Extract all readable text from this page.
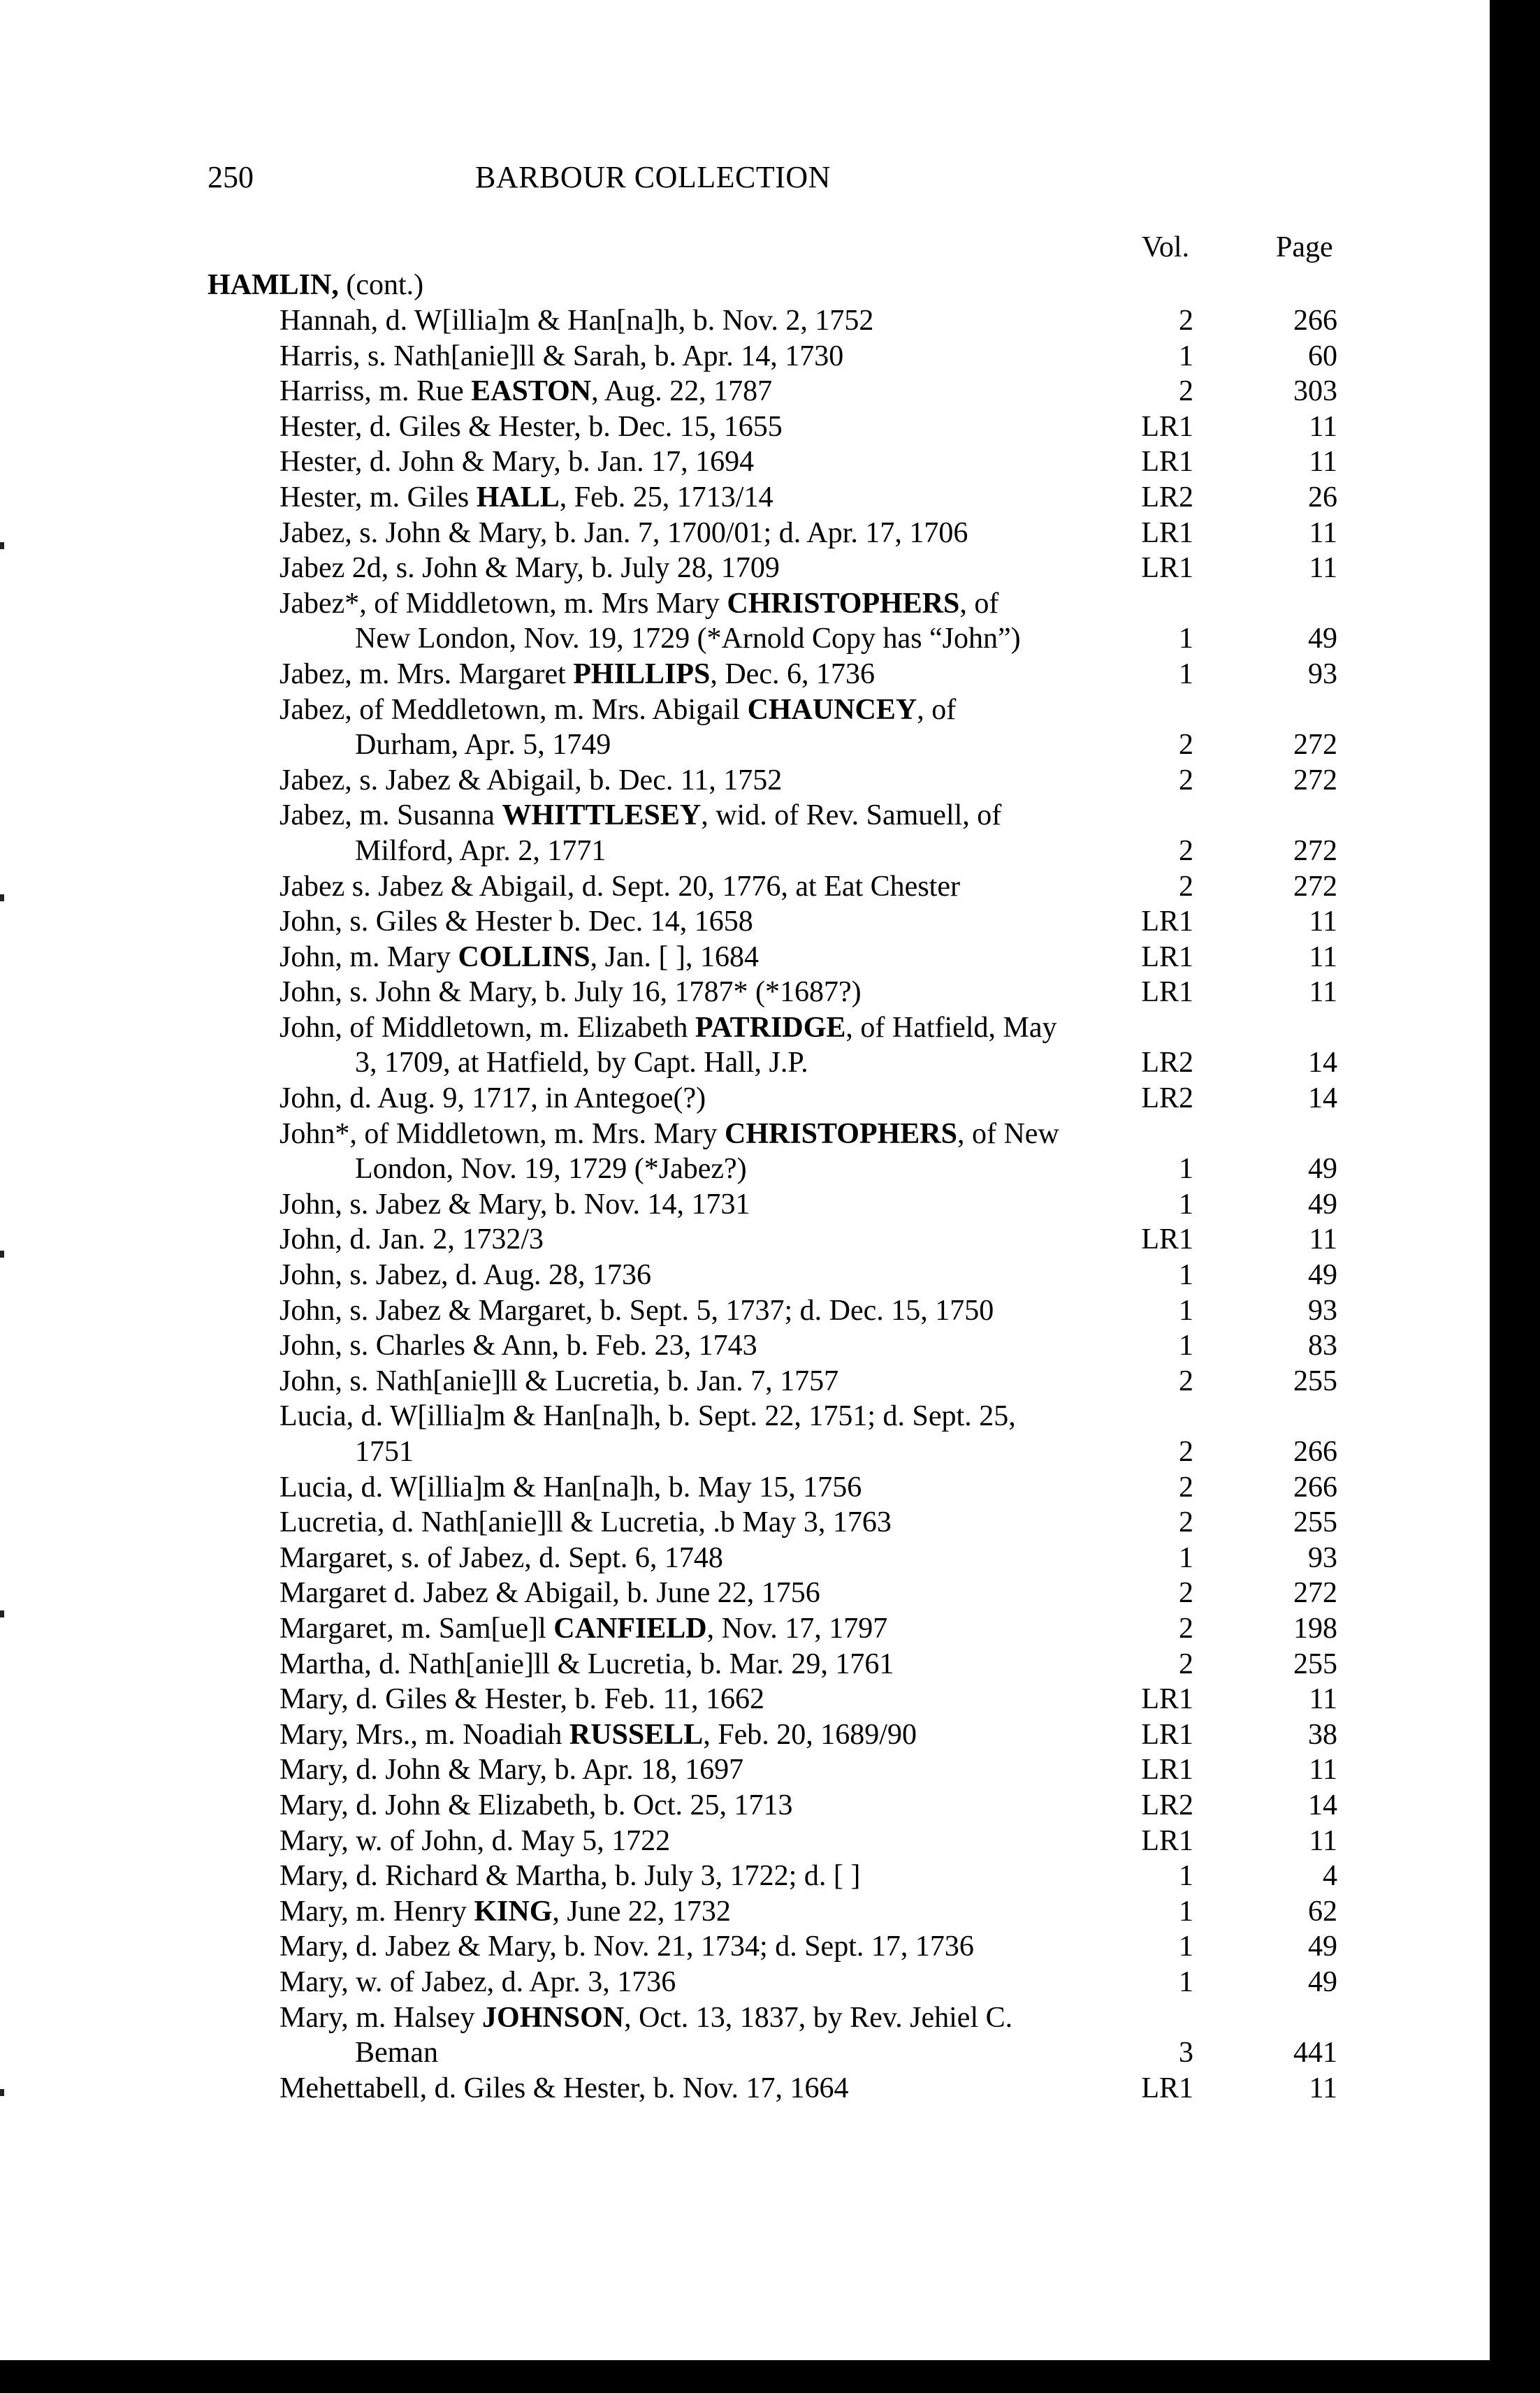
250	BARBOUR COLLECTION
Vol.	Page
HAMLIN, (cont.)
Hannah, d. W[illia]m & Han[na]h, b. Nov. 2, 1752	2	266
Harris, s. Nath[anie]ll & Sarah, b. Apr. 14, 1730	1	60
Harriss, m. Rue EASTON, Aug. 22, 1787	2	303
Hester, d. Giles & Hester, b. Dec. 15, 1655	LR1	11
Hester, d. John & Mary, b. Jan. 17, 1694	LR1	11
Hester, m. Giles HALL, Feb. 25, 1713/14	LR2	26
Jabez, s. John & Mary, b. Jan. 7, 1700/01; d. Apr. 17, 1706	LR1	11
Jabez 2d, s. John & Mary, b. July 28, 1709	LR1	11
Jabez*, of Middletown, m. Mrs Mary CHRISTOPHERS, of
New London, Nov. 19, 1729 (*Arnold Copy has “John”)	1	49
Jabez, m. Mrs. Margaret PHILLIPS, Dec. 6, 1736	1	93
Jabez, of Meddletown, m. Mrs. Abigail CHAUNCEY, of
Durham, Apr. 5, 1749	2	272
Jabez, s. Jabez & Abigail, b. Dec. 11, 1752	2	272
Jabez, m. Susanna WHITTLESEY, wid. of Rev. Samuell, of
Milford, Apr. 2, 1771	2	272
Jabez s. Jabez & Abigail, d. Sept. 20, 1776, at Eat Chester	2	272
John, s. Giles & Hester b. Dec. 14, 1658	LR1	11
John, m. Mary COLLINS, Jan. [ ], 1684	LR1	11
John, s. John & Mary, b. July 16, 1787* (*1687?)	LR1	11
John, of Middletown, m. Elizabeth PATRIDGE, of Hatfield, May
3, 1709, at Hatfield, by Capt. Hall, J.P.	LR2	14
John, d. Aug. 9, 1717, in Antegoe(?)	LR2	14
John*, of Middletown, m. Mrs. Mary CHRISTOPHERS, of New
London, Nov. 19, 1729 (*Jabez?)	1	49
John, s. Jabez & Mary, b. Nov. 14, 1731	1	49
John, d. Jan. 2, 1732/3	LR1	11
John, s. Jabez, d. Aug. 28, 1736	1	49
John, s. Jabez & Margaret, b. Sept. 5, 1737; d. Dec. 15, 1750	1	93
John, s. Charles & Ann, b. Feb. 23, 1743	1	83
John, s. Nath[anie]ll & Lucretia, b. Jan. 7, 1757	2	255
Lucia, d. W[illia]m & Han[na]h, b. Sept. 22, 1751; d. Sept. 25,
1751	2	266
Lucia, d. W[illia]m & Han[na]h, b. May 15, 1756	2	266
Lucretia, d. Nath[anie]ll & Lucretia, .b May 3, 1763	2	255
Margaret, s. of Jabez, d. Sept. 6, 1748	1	93
Margaret d. Jabez & Abigail, b. June 22, 1756	2	272
Margaret, m. Sam[ue]l CANFIELD, Nov. 17, 1797	2	198
Martha, d. Nath[anie]ll & Lucretia, b. Mar. 29, 1761	2	255
Mary, d. Giles & Hester, b. Feb. 11, 1662	LR1	11
Mary, Mrs., m. Noadiah RUSSELL, Feb. 20, 1689/90	LR1	38
Mary, d. John & Mary, b. Apr. 18, 1697	LR1	11
Mary, d. John & Elizabeth, b. Oct. 25, 1713	LR2	14
Mary, w. of John, d. May 5, 1722	LR1	11
Mary, d. Richard & Martha, b. July 3, 1722; d. [ ]	1	4
Mary, m. Henry KING, June 22, 1732	1	62
Mary, d. Jabez & Mary, b. Nov. 21, 1734; d. Sept. 17, 1736	1	49
Mary, w. of Jabez, d. Apr. 3, 1736	1	49
Mary, m. Halsey JOHNSON, Oct. 13, 1837, by Rev. Jehiel C.
Beman	3	441
Mehettabell, d. Giles & Hester, b. Nov. 17, 1664	LR1	11
